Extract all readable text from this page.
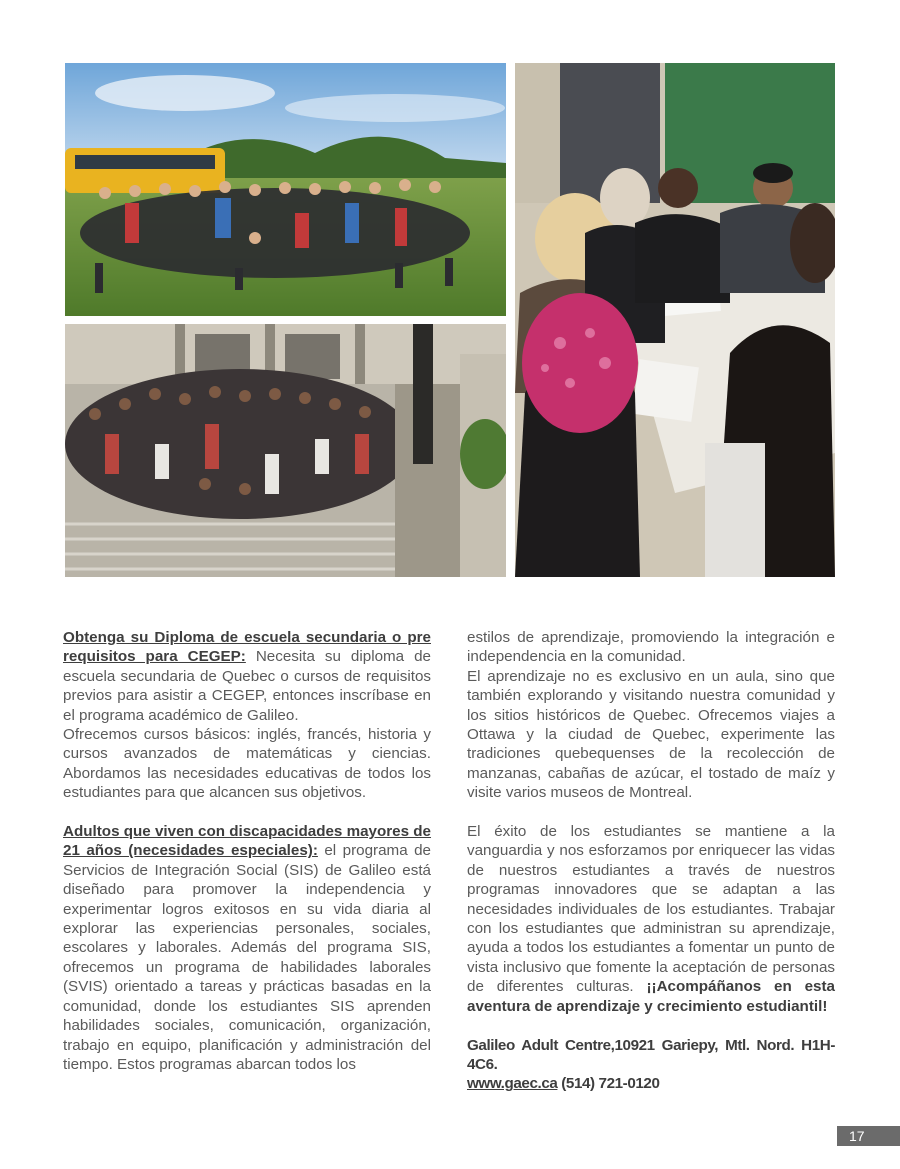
Obtenga su Diploma de escuela secundaria o pre requisitos para CEGEP: Necesita su diploma de escuela secundaria de Quebec o cursos de requisitos previos para asistir a CEGEP, entonces inscríbase en el programa académico de Galileo.

Ofrecemos cursos básicos: inglés, francés, historia y cursos avanzados de matemáticas y ciencias. Abordamos las necesidades educativas de todos los estudiantes para que alcancen sus objetivos.

Adultos que viven con discapacidades mayores de 21 años (necesidades especiales): el programa de Servicios de Integración Social (SIS) de Galileo está diseñado para promover la independencia y experimentar logros exitosos en su vida diaria al explorar las experiencias personales, sociales, escolares y laborales. Además del programa SIS, ofrecemos un programa de habilidades laborales (SVIS) orientado a tareas y prácticas basadas en la comunidad, donde los estudiantes SIS aprenden habilidades sociales, comunicación, organización, trabajo en equipo, planificación y administración del tiempo. Estos programas abarcan todos los

estilos de aprendizaje, promoviendo la integración e independencia en la comunidad.

El aprendizaje no es exclusivo en un aula, sino que también explorando y visitando nuestra comunidad y los sitios históricos de Quebec. Ofrecemos viajes a Ottawa y la ciudad de Quebec, experimente las tradiciones quebequenses de la recolección de manzanas, cabañas de azúcar, el tostado de maíz y visite varios museos de Montreal.

El éxito de los estudiantes se mantiene a la vanguardia y nos esforzamos por enriquecer las vidas de nuestros estudiantes a través de nuestros programas innovadores que se adaptan a las necesidades individuales de los estudiantes. Trabajar con los estudiantes que administran su aprendizaje, ayuda a todos los estudiantes a fomentar un punto de vista inclusivo que fomente la aceptación de personas de diferentes culturas. ¡¡Acompáñanos en esta aventura de aprendizaje y crecimiento estudiantil!

Galileo Adult Centre,10921 Gariepy, Mtl. Nord. H1H-4C6.
www.gaec.ca (514) 721-0120

17
